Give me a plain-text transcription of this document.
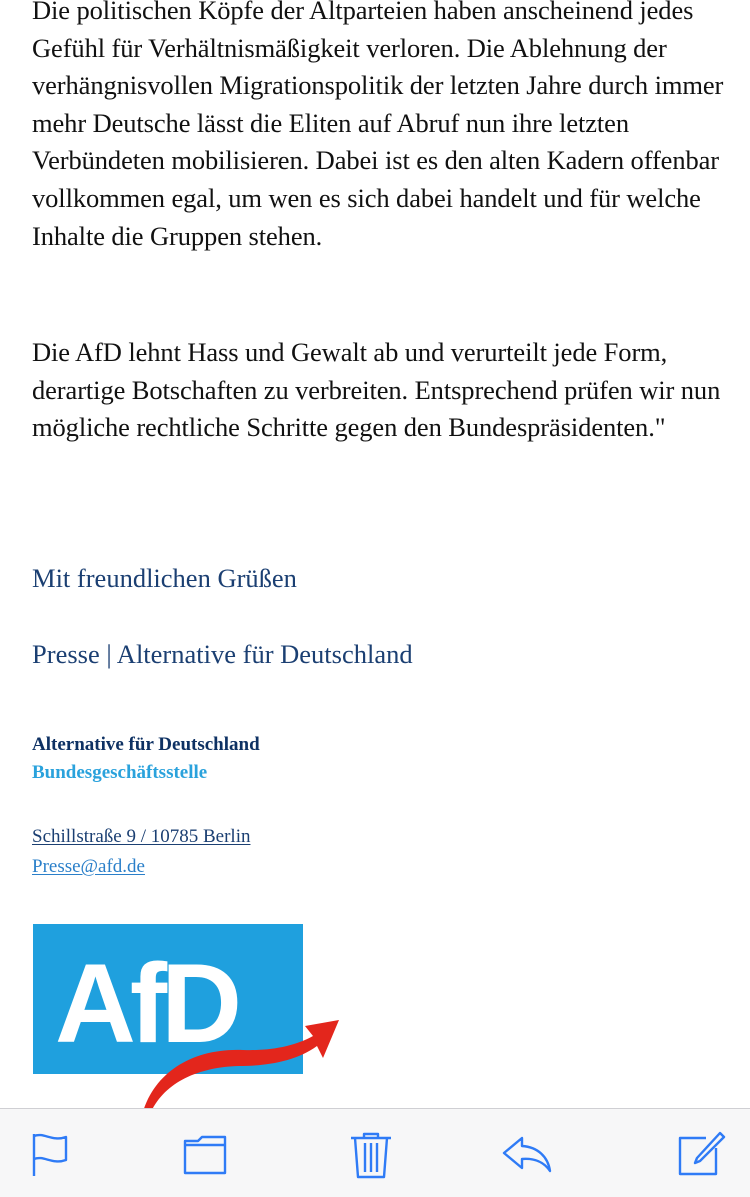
Die politischen Köpfe der Altparteien haben anscheinend jedes Gefühl für Verhältnismäßigkeit verloren. Die Ablehnung der verhängnisvollen Migrationspolitik der letzten Jahre durch immer mehr Deutsche lässt die Eliten auf Abruf nun ihre letzten Verbündeten mobilisieren. Dabei ist es den alten Kadern offenbar vollkommen egal, um wen es sich dabei handelt und für welche Inhalte die Gruppen stehen.

Die AfD lehnt Hass und Gewalt ab und verurteilt jede Form, derartige Botschaften zu verbreiten. Entsprechend prüfen wir nun mögliche rechtliche Schritte gegen den Bundespräsidenten."

Mit freundlichen Grüßen
Presse | Alternative für Deutschland
Alternative für Deutschland
Bundesgeschäftsstelle
Schillstraße 9 / 10785 Berlin
Presse@afd.de
AfD
